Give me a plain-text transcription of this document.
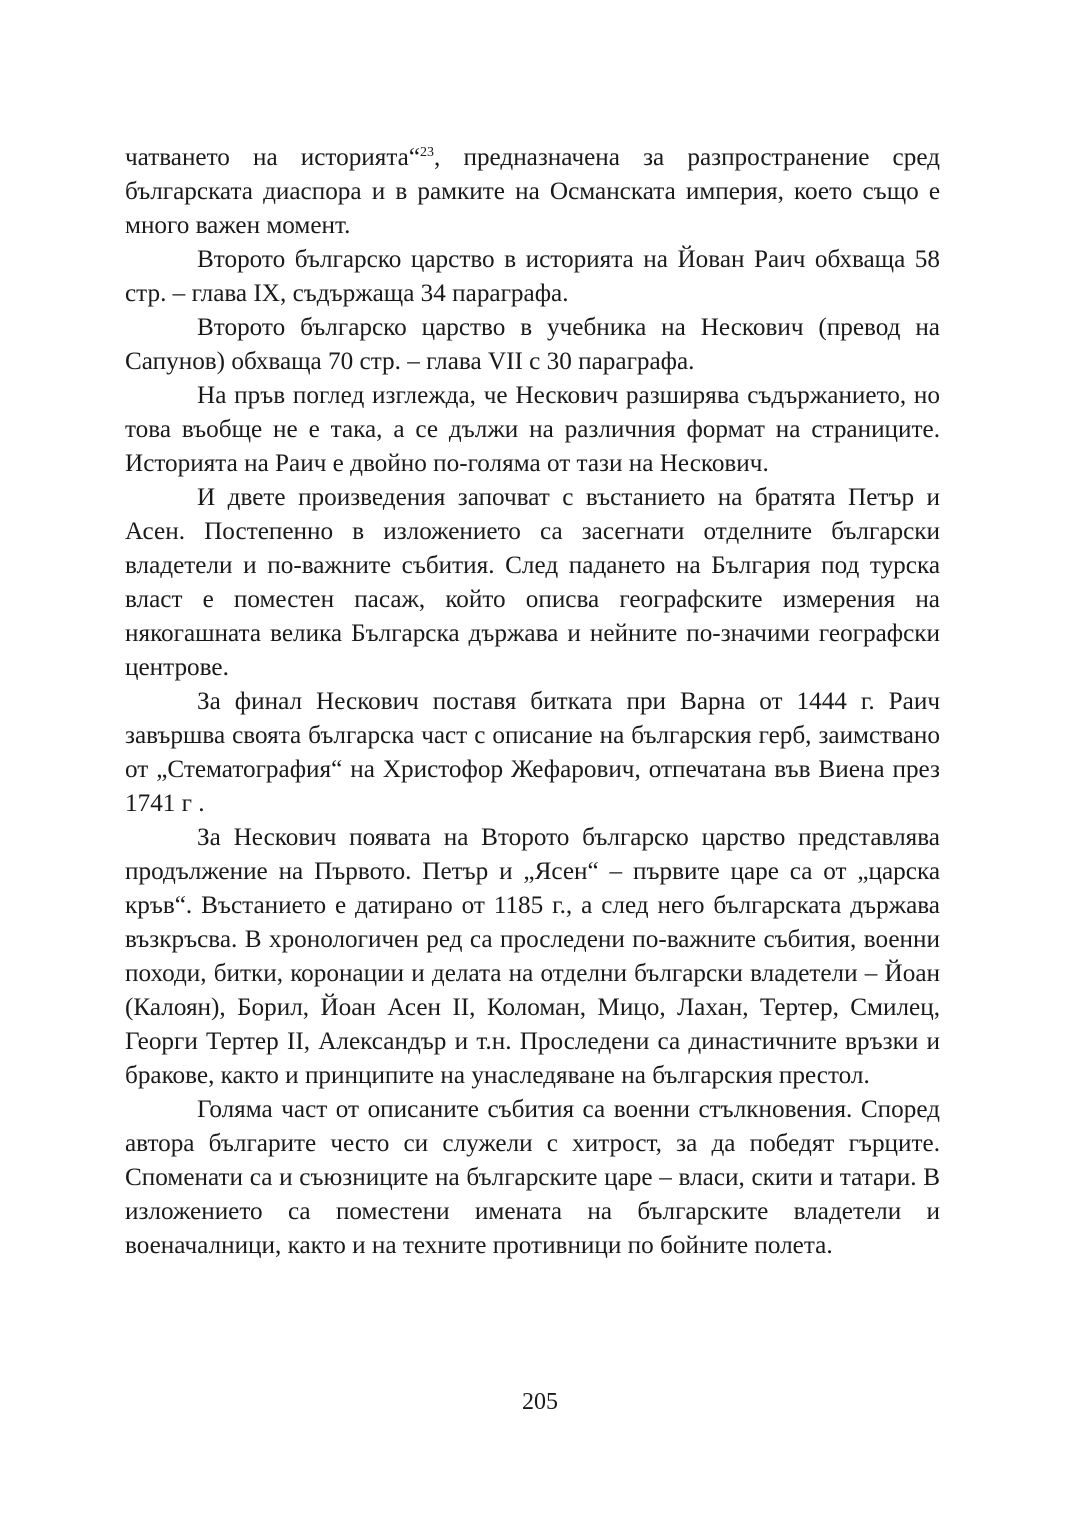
чатването на историята“$^{23}$, предназначена за разпространение сред българската диаспора и в рамките на Османската империя, което също е много важен момент.

Второто българско царство в историята на Йован Раич обхваща 58 стр. – глава IX, съдържаща 34 параграфа.

Второто българско царство в учебника на Нескович (превод на Сапунов) обхваща 70 стр. – глава VII с 30 параграфа.

На пръв поглед изглежда, че Нескович разширява съдържанието, но това въобще не е така, а се дължи на различния формат на страниците. Историята на Раич е двойно по-голяма от тази на Нескович.

И двете произведения започват с въстанието на братята Петър и Асен. Постепенно в изложението са засегнати отделните български владетели и по-важните събития. След падането на България под турска власт е поместен пасаж, който описва географските измерения на някогашната велика Българска държава и нейните по-значими географски центрове.

За финал Нескович поставя битката при Варна от 1444 г. Раич завършва своята българска част с описание на българския герб, заимствано от „Стематография“ на Христофор Жефарович, отпечатана във Виена през 1741 г .

За Нескович появата на Второто българско царство представлява продължение на Първото. Петър и „Ясен“ – първите царе са от „царска кръв“. Въстанието е датирано от 1185 г., а след него българската държава възкръсва. В хронологичен ред са проследени по-важните събития, военни походи, битки, коронации и делата на отделни български владетели – Йоан (Калоян), Борил, Йоан Асен II, Коломан, Мицо, Лахан, Тертер, Смилец, Георги Тертер II, Александър и т.н. Проследени са династичните връзки и бракове, както и принципите на унаследяване на българския престол.

Голяма част от описаните събития са военни стълкновения. Според автора българите често си служели с хитрост, за да победят гърците. Споменати са и съюзниците на българските царе – власи, скити и татари. В изложението са поместени имената на българските владетели и военачалници, както и на техните противници по бойните полета.

205
